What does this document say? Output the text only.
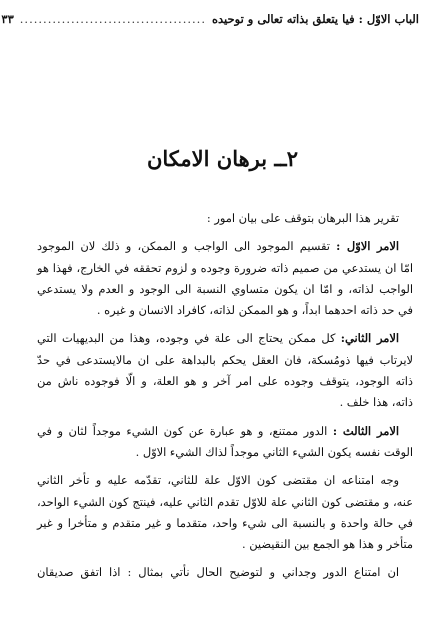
الباب الاوّل : فيا يتعلق بذاته تعالى و توحيده
........................................
٣٣
٢ــ برهان الامكان

تقرير هذا البرهان بتوقف على بيان امور :

الامر الاوّل : تقسيم الموجود الى الواجب و الممكن، و ذلك لان الموجود
امّا ان يستدعي من صميم ذاته ضرورة وجوده و لزوم تحققه في الخارج، فهذا هو
الواجب لذاته، و امّا ان يكون متساوي النسبة الى الوجود و العدم ولا يستدعي
في حد ذاته احدهما ابداً، و هو الممكن لذاته، كافراد الانسان و غيره .

الامر الثاني: كل ممكن يحتاج الى علة في وجوده، وهذا من البديهيات التي
لايرتاب فيها ذومُسكة، فان العقل يحكم بالبداهة على ان مالايستدعى في حدّ
ذاته الوجود، يتوقف وجوده على امر آخر و هو العلة، و الّا فوجوده ناش من
ذاته، هذا خلف .

الامر الثالث : الدور ممتنع، و هو عبارة عن كون الشيء موجداً لثان و في
الوقت نفسه يكون الشيء الثاني موجداً لذاك الشيء الاوّل .

وجه امتناعه ان مقتضى كون الاوّل علة للثاني، تقدّمه عليه و تأخر الثاني
عنه، و مقتضى كون الثاني علة للاوّل تقدم الثاني عليه، فينتج كون الشيء الواحد،
في حالة واحدة و بالنسبة الى شيء واحد، متقدما و غير متقدم و متأخرا و غير
متأخر و هذا هو الجمع بين النقيضين .

ان امتناع الدور وجداني و لتوضيح الحال نأتي بمثال : اذا اتفق صديقان
